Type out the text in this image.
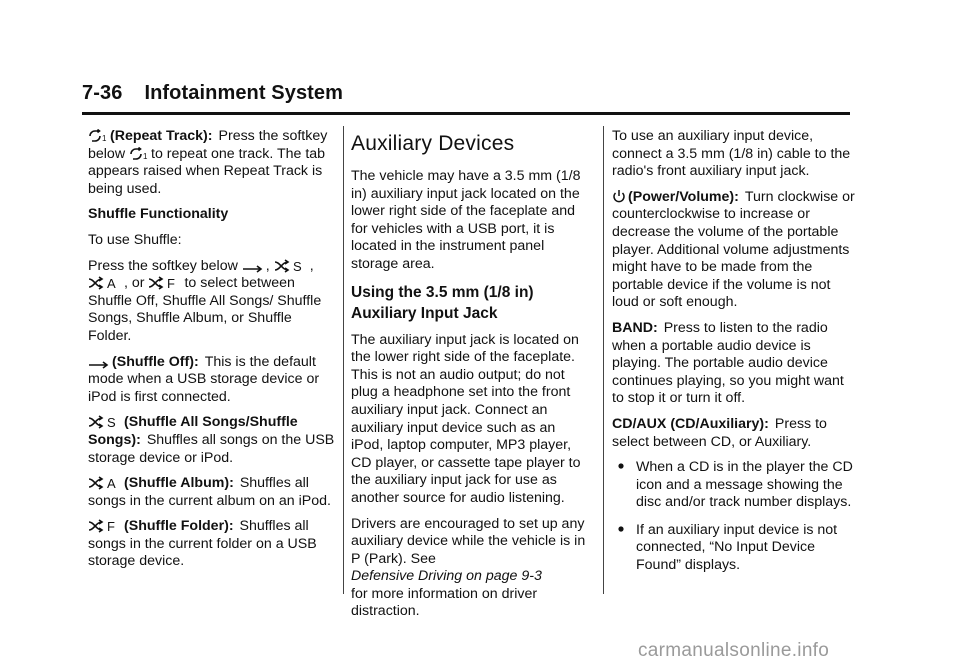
7-36 Infotainment System

1 (Repeat Track): Press the softkey below 1 to repeat one track. The tab appears raised when Repeat Track is being used.

Shuffle Functionality

To use Shuffle:

Press the softkey below , S ,

A , or F to select between Shuffle Off, Shuffle All Songs/ Shuffle Songs, Shuffle Album, or Shuffle Folder.

(Shuffle Off): This is the default mode when a USB storage device or iPod is first connected.

S (Shuffle All Songs/Shuffle Songs): Shuffles all songs on the USB storage device or iPod.

A (Shuffle Album): Shuffles all songs in the current album on an iPod.

F (Shuffle Folder): Shuffles all songs in the current folder on a USB storage device.

Auxiliary Devices

The vehicle may have a 3.5 mm (1/8 in) auxiliary input jack located on the lower right side of the faceplate and for vehicles with a USB port, it is located in the instrument panel storage area.

Using the 3.5 mm (1/8 in) Auxiliary Input Jack

The auxiliary input jack is located on the lower right side of the faceplate. This is not an audio output; do not plug a headphone set into the front auxiliary input jack. Connect an auxiliary input device such as an iPod, laptop computer, MP3 player, CD player, or cassette tape player to the auxiliary input jack for use as another source for audio listening.

Drivers are encouraged to set up any auxiliary device while the vehicle is in P (Park). See
Defensive Driving on page 9-3
for more information on driver distraction.

To use an auxiliary input device, connect a 3.5 mm (1/8 in) cable to the radio's front auxiliary input jack.

(Power/Volume): Turn clockwise or counterclockwise to increase or decrease the volume of the portable player. Additional volume adjustments might have to be made from the portable device if the volume is not loud or soft enough.

BAND: Press to listen to the radio when a portable audio device is playing. The portable audio device continues playing, so you might want to stop it or turn it off.

CD/AUX (CD/Auxiliary): Press to select between CD, or Auxiliary.

When a CD is in the player the CD icon and a message showing the disc and/or track number displays.
If an auxiliary input device is not connected, “No Input Device Found” displays.
carmanualsonline.info
